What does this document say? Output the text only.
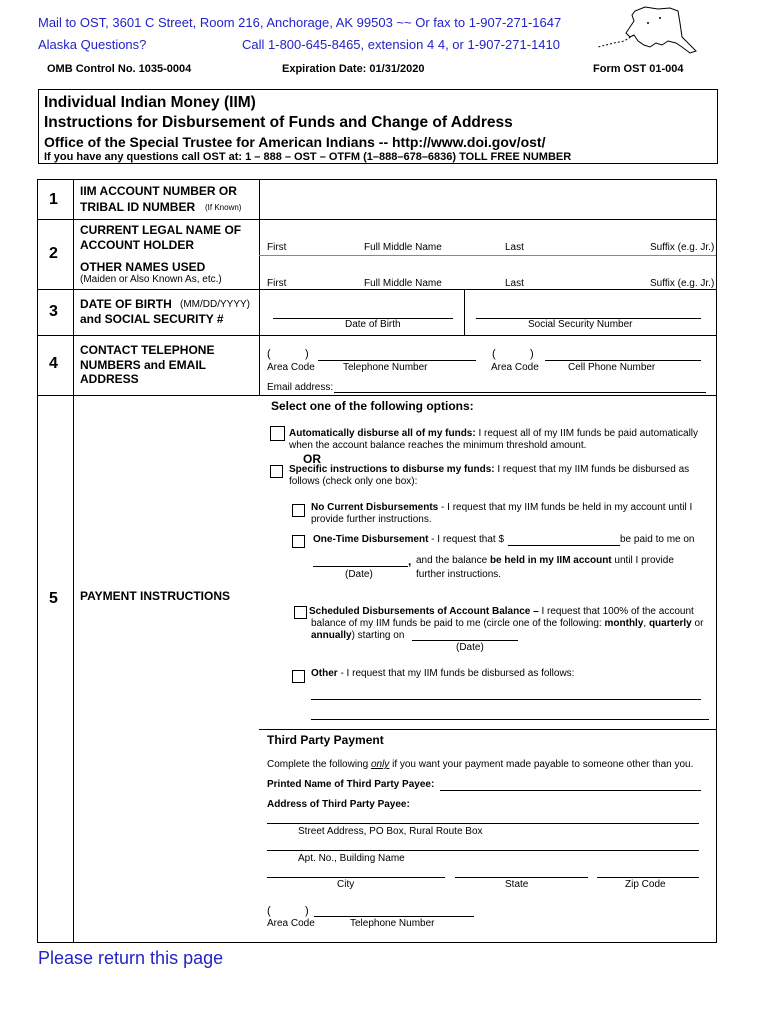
Mail to OST, 3601 C Street, Room 216, Anchorage, AK 99503 ~~ Or fax to 1-907-271-1647
Alaska Questions?	Call 1-800-645-8465, extension 4 4, or 1-907-271-1410
OMB Control No. 1035-0004	Expiration Date: 01/31/2020	Form OST 01-004
Individual Indian Money (IIM)
Instructions for Disbursement of Funds and Change of Address
Office of the Special Trustee for American Indians -- http://www.doi.gov/ost/
If you have any questions call OST at: 1 – 888 – OST – OTFM (1–888–678–6836) TOLL FREE NUMBER
1 IIM ACCOUNT NUMBER OR
TRIBAL ID NUMBER (If Known)
2
CURRENT LEGAL NAME OF
ACCOUNT HOLDER
OTHER NAMES USED
(Maiden or Also Known As, etc.)
First	Full Middle Name	Last	Suffix (e.g. Jr.)
First	Full Middle Name	Last	Suffix (e.g. Jr.)
3 DATE OF BIRTH (MM/DD/YYYY)
and SOCIAL SECURITY #	Date of Birth	Social Security Number
4
CONTACT TELEPHONE
NUMBERS and EMAIL
ADDRESS
(	)	(	)
Area Code	Telephone Number	Area Code	Cell Phone Number
Email address:
5 PAYMENT INSTRUCTIONS
Select one of the following options:
Automatically disburse all of my funds: I request all of my IIM funds be paid automatically
when the account balance reaches the minimum threshold amount.
OR
Specific instructions to disburse my funds: I request that my IIM funds be disbursed as
follows (check only one box):
No Current Disbursements - I request that my IIM funds be held in my account until I
provide further instructions.
One-Time Disbursement - I request that $	be paid to me on
, and the balance be held in my IIM account until I provide
(Date)	further instructions.
Scheduled Disbursements of Account Balance – I request that 100% of the account
balance of my IIM funds be paid to me (circle one of the following: monthly, quarterly or
annually) starting on
(Date)
Other - I request that my IIM funds be disbursed as follows:
Third Party Payment
Complete the following only if you want your payment made payable to someone other than you.
Printed Name of Third Party Payee:
Address of Third Party Payee:
Street Address, PO Box, Rural Route Box
Apt. No., Building Name
City	State	Zip Code
(	)
Area Code	Telephone Number
Please return this page
